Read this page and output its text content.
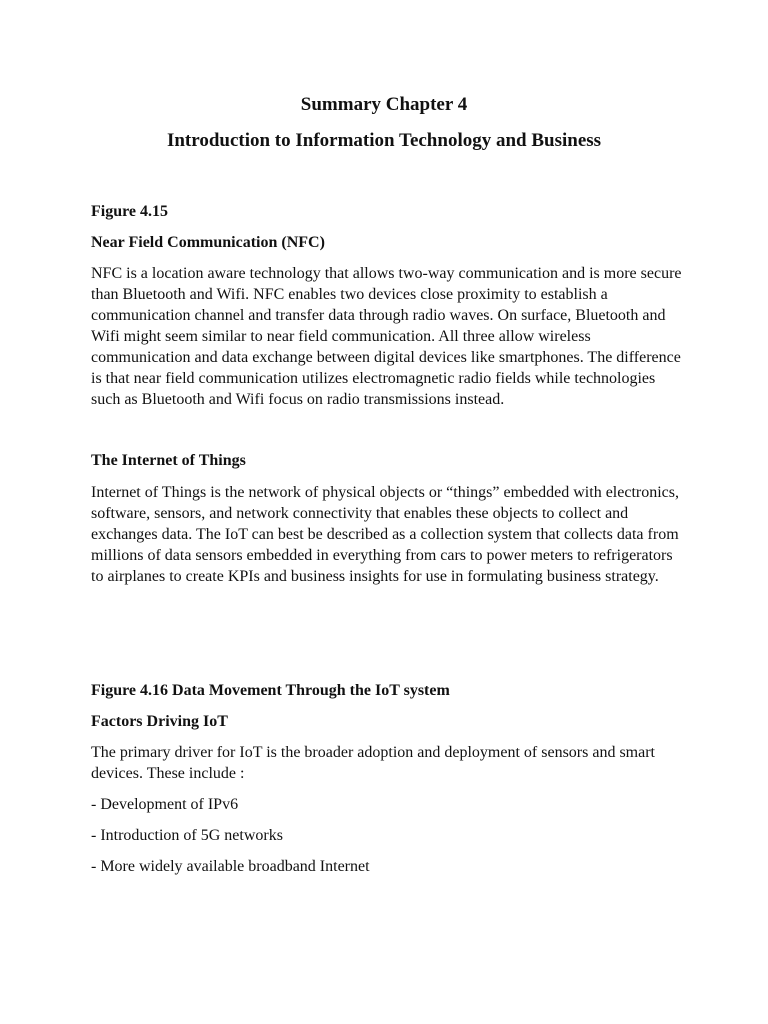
Summary Chapter 4
Introduction to Information Technology and Business

Figure 4.15

Near Field Communication (NFC)

NFC is a location aware technology that allows two-way communication and is more secure than Bluetooth and Wifi. NFC enables two devices close proximity to establish a communication channel and transfer data through radio waves. On surface, Bluetooth and Wifi might seem similar to near field communication. All three allow wireless communication and data exchange between digital devices like smartphones. The difference is that near field communication utilizes electromagnetic radio fields while technologies such as Bluetooth and Wifi focus on radio transmissions instead.

The Internet of Things

Internet of Things is the network of physical objects or “things” embedded with electronics, software, sensors, and network connectivity that enables these objects to collect and exchanges data. The IoT can best be described as a collection system that collects data from millions of data sensors embedded in everything from cars to power meters to refrigerators to airplanes to create KPIs and business insights for use in formulating business strategy.

Figure 4.16 Data Movement Through the IoT system

Factors Driving IoT

The primary driver for IoT is the broader adoption and deployment of sensors and smart devices. These include :

- Development of IPv6

- Introduction of 5G networks

- More widely available broadband Internet
